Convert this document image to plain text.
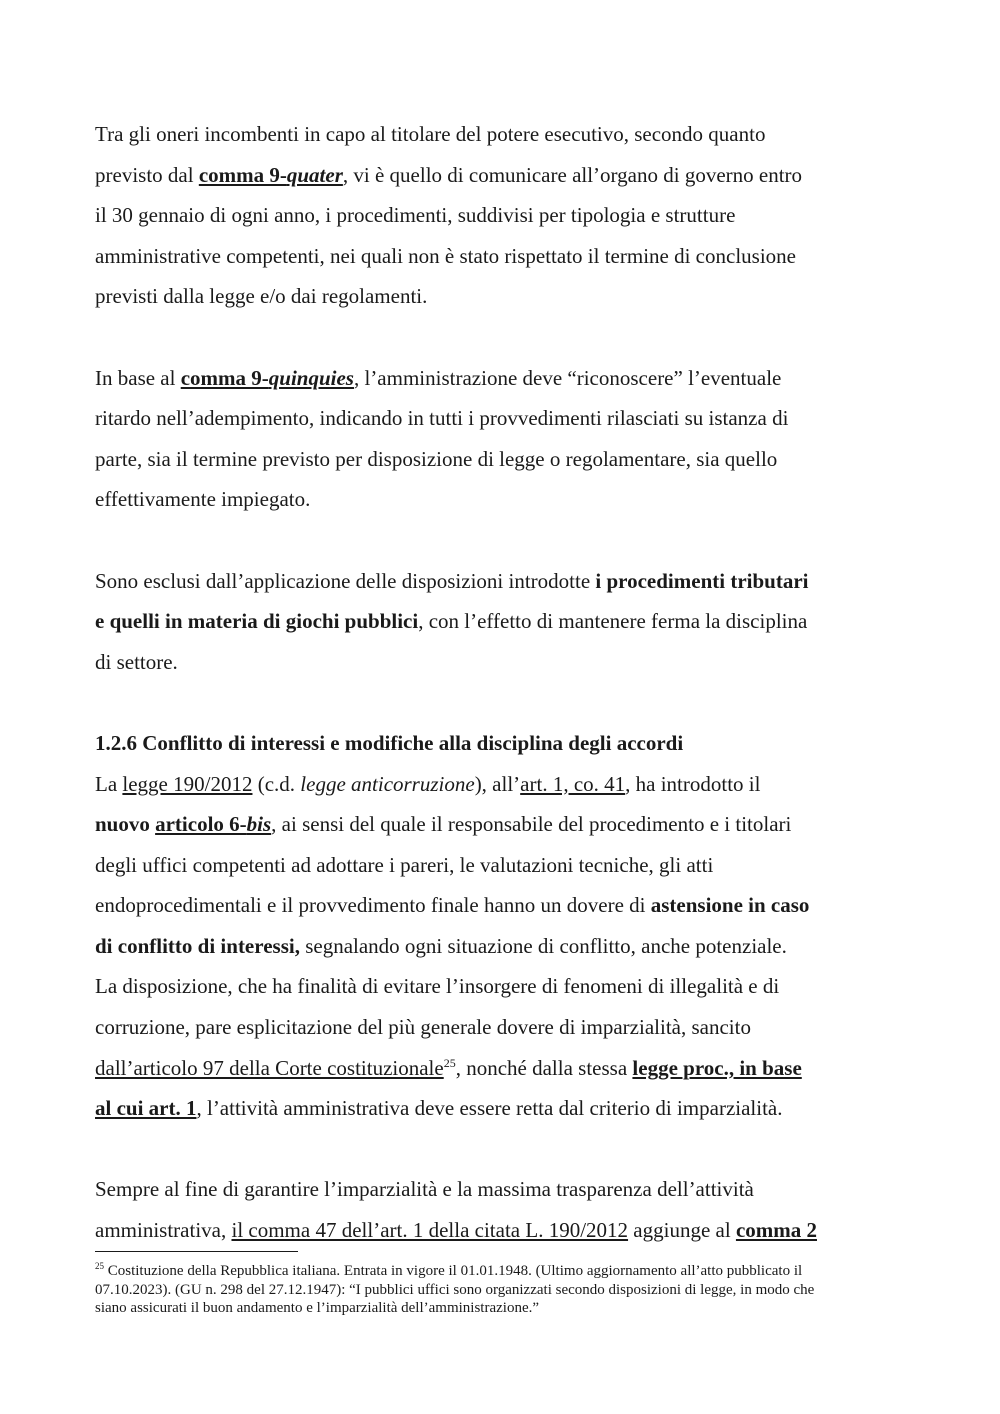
Tra gli oneri incombenti in capo al titolare del potere esecutivo, secondo quanto
previsto dal comma 9-quater, vi è quello di comunicare all’organo di governo entro
il 30 gennaio di ogni anno, i procedimenti, suddivisi per tipologia e strutture
amministrative competenti, nei quali non è stato rispettato il termine di conclusione
previsti dalla legge e/o dai regolamenti.

In base al comma 9-quinquies, l’amministrazione deve “riconoscere” l’eventuale
ritardo nell’adempimento, indicando in tutti i provvedimenti rilasciati su istanza di
parte, sia il termine previsto per disposizione di legge o regolamentare, sia quello
effettivamente impiegato.

Sono esclusi dall’applicazione delle disposizioni introdotte i procedimenti tributari
e quelli in materia di giochi pubblici, con l’effetto di mantenere ferma la disciplina
di settore.

1.2.6 Conflitto di interessi e modifiche alla disciplina degli accordi

La legge 190/2012 (c.d. legge anticorruzione), all’art. 1, co. 41, ha introdotto il
nuovo articolo 6-bis, ai sensi del quale il responsabile del procedimento e i titolari
degli uffici competenti ad adottare i pareri, le valutazioni tecniche, gli atti
endoprocedimentali e il provvedimento finale hanno un dovere di astensione in caso
di conflitto di interessi, segnalando ogni situazione di conflitto, anche potenziale.
La disposizione, che ha finalità di evitare l’insorgere di fenomeni di illegalità e di
corruzione, pare esplicitazione del più generale dovere di imparzialità, sancito
dall’articolo 97 della Corte costituzionale$^{25}$, nonché dalla stessa legge proc., in base
al cui art. 1, l’attività amministrativa deve essere retta dal criterio di imparzialità.

Sempre al fine di garantire l’imparzialità e la massima trasparenza dell’attività
amministrativa, il comma 47 dell’art. 1 della citata L. 190/2012 aggiunge al comma 2

$^{25}$ Costituzione della Repubblica italiana. Entrata in vigore il 01.01.1948. (Ultimo aggiornamento all’atto pubblicato il
07.10.2023). (GU n. 298 del 27.12.1947): “I pubblici uffici sono organizzati secondo disposizioni di legge, in modo che
siano assicurati il buon andamento e l’imparzialità dell’amministrazione.”
